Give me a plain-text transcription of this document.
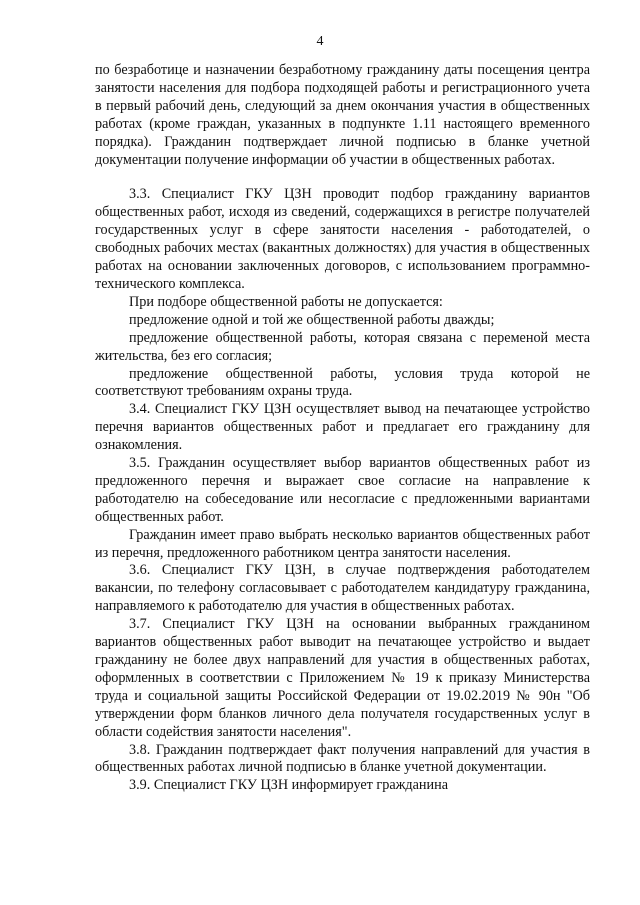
4

по безработице и назначении безработному гражданину даты посещения центра занятости населения для подбора подходящей работы и регистрационного учета в первый рабочий день, следующий за днем окончания участия в общественных работах (кроме граждан, указанных в подпункте 1.11 настоящего временного порядка). Гражданин подтверждает личной подписью в бланке учетной документации получение информации об участии в общественных работах.

3.3. Специалист ГКУ ЦЗН проводит подбор гражданину вариантов общественных работ, исходя из сведений, содержащихся в регистре получателей государственных услуг в сфере занятости населения - работодателей, о свободных рабочих местах (вакантных должностях) для участия в общественных работах на основании заключенных договоров, с использованием программно-технического комплекса.

При подборе общественной работы не допускается:

предложение одной и той же общественной работы дважды;

предложение общественной работы, которая связана с переменой места жительства, без его согласия;

предложение общественной работы, условия труда которой не соответствуют требованиям охраны труда.

3.4. Специалист ГКУ ЦЗН осуществляет вывод на печатающее устройство перечня вариантов общественных работ и предлагает его гражданину для ознакомления.

3.5. Гражданин осуществляет выбор вариантов общественных работ из предложенного перечня и выражает свое согласие на направление к работодателю на собеседование или несогласие с предложенными вариантами общественных работ.

Гражданин имеет право выбрать несколько вариантов общественных работ из перечня, предложенного работником центра занятости населения.

3.6. Специалист ГКУ ЦЗН, в случае подтверждения работодателем вакансии, по телефону согласовывает с работодателем кандидатуру гражданина, направляемого к работодателю для участия в общественных работах.

3.7. Специалист ГКУ ЦЗН на основании выбранных гражданином вариантов общественных работ выводит на печатающее устройство и выдает гражданину не более двух направлений для участия в общественных работах, оформленных в соответствии с Приложением № 19 к приказу Министерства труда и социальной защиты Российской Федерации от 19.02.2019 № 90н "Об утверждении форм бланков личного дела получателя государственных услуг в области содействия занятости населения".

3.8. Гражданин подтверждает факт получения направлений для участия в общественных работах личной подписью в бланке учетной документации.

3.9. Специалист ГКУ ЦЗН информирует гражданина
